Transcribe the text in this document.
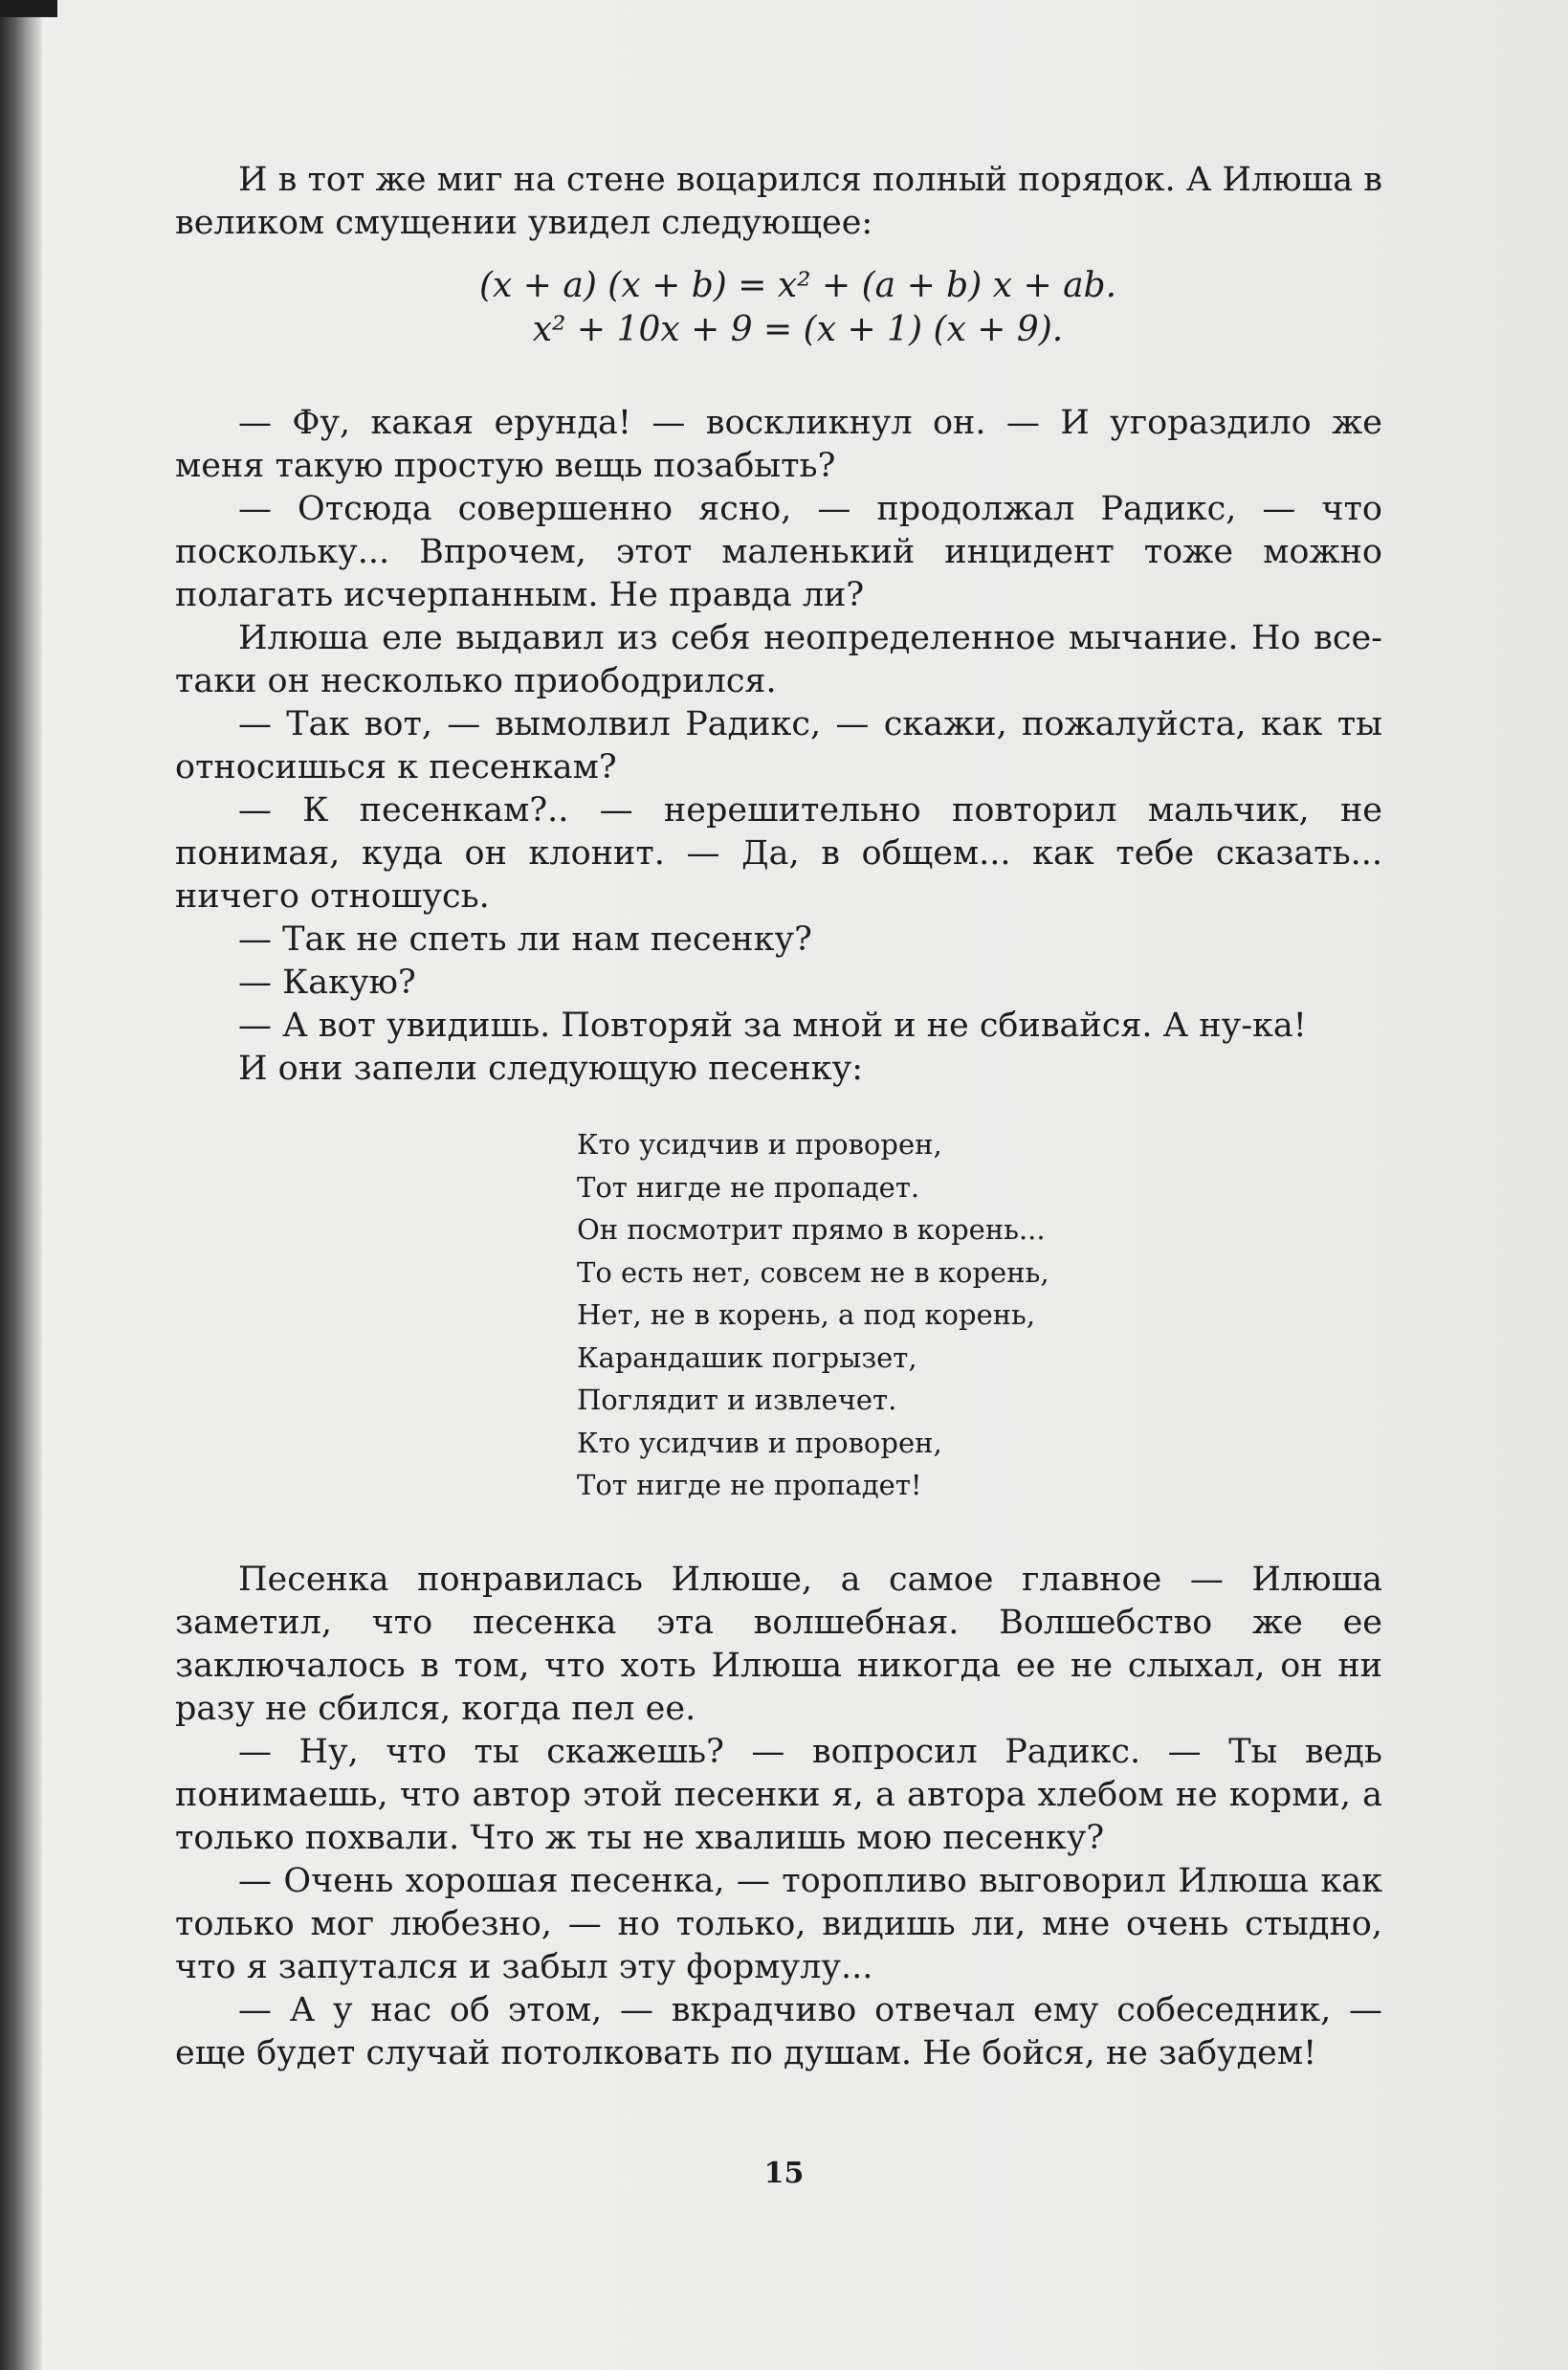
И в тот же миг на стене воцарился полный порядок. А Илюша в великом смущении увидел следующее:

(x + a) (x + b) = x² + (a + b) x + ab.

x² + 10x + 9 = (x + 1) (x + 9).

— Фу, какая ерунда! — воскликнул он. — И угораздило же меня такую простую вещь позабыть?

— Отсюда совершенно ясно, — продолжал Радикс, — что поскольку... Впрочем, этот маленький инцидент тоже можно полагать исчерпанным. Не правда ли?

Илюша еле выдавил из себя неопределенное мычание. Но все-таки он несколько приободрился.

— Так вот, — вымолвил Радикс, — скажи, пожалуйста, как ты относишься к песенкам?

— К песенкам?.. — нерешительно повторил мальчик, не понимая, куда он клонит. — Да, в общем... как тебе сказать... ничего отношусь.

— Так не спеть ли нам песенку?

— Какую?

— А вот увидишь. Повторяй за мной и не сбивайся. А ну-ка!

И они запели следующую песенку:

Кто усидчив и проворен,

Тот нигде не пропадет.

Он посмотрит прямо в корень...

То есть нет, совсем не в корень,

Нет, не в корень, а под корень,

Карандашик погрызет,

Поглядит и извлечет.

Кто усидчив и проворен,

Тот нигде не пропадет!

Песенка понравилась Илюше, а самое главное — Илюша заметил, что песенка эта волшебная. Волшебство же ее заключалось в том, что хоть Илюша никогда ее не слыхал, он ни разу не сбился, когда пел ее.

— Ну, что ты скажешь? — вопросил Радикс. — Ты ведь понимаешь, что автор этой песенки я, а автора хлебом не корми, а только похвали. Что ж ты не хвалишь мою песенку?

— Очень хорошая песенка, — торопливо выговорил Илюша как только мог любезно, — но только, видишь ли, мне очень стыдно, что я запутался и забыл эту формулу...

— А у нас об этом, — вкрадчиво отвечал ему собеседник, — еще будет случай потолковать по душам. Не бойся, не забудем!

15
